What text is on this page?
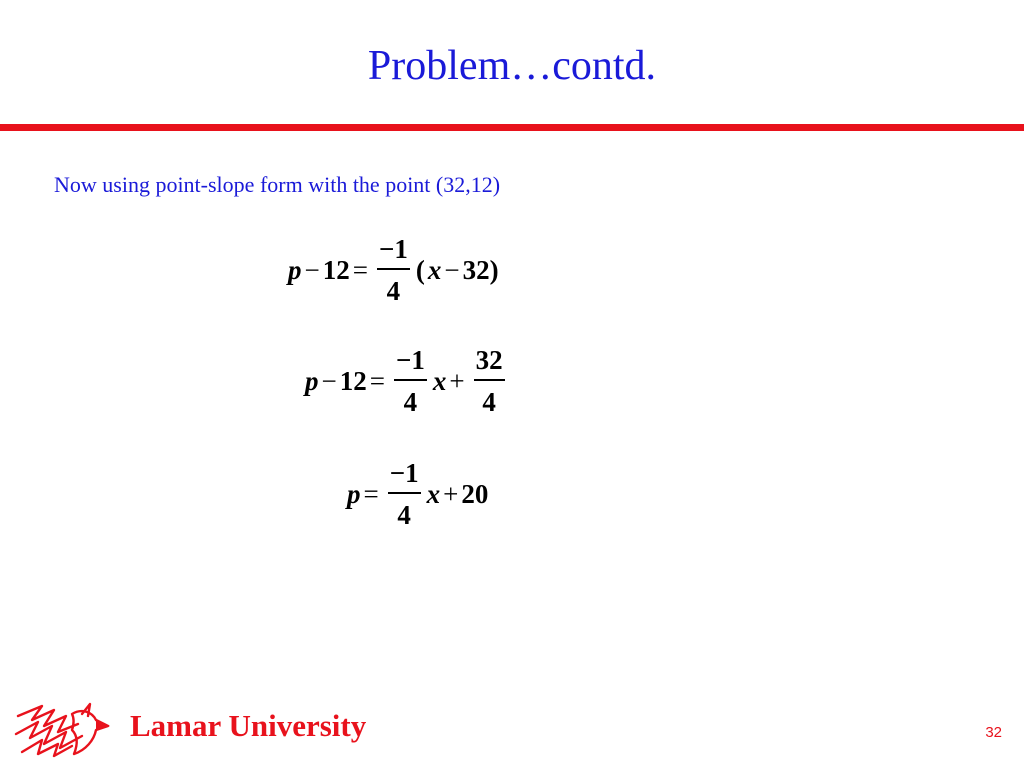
Problem…contd.
Now using point-slope form with the point (32,12)
$p - 12 = \frac{-1}{4}$ ( x − 32 )
$p - 12 = \frac{-1}{4}$ $x + \frac{32}{4}$
$p = \frac{-1}{4}$ x + 20
Lamar University	32
